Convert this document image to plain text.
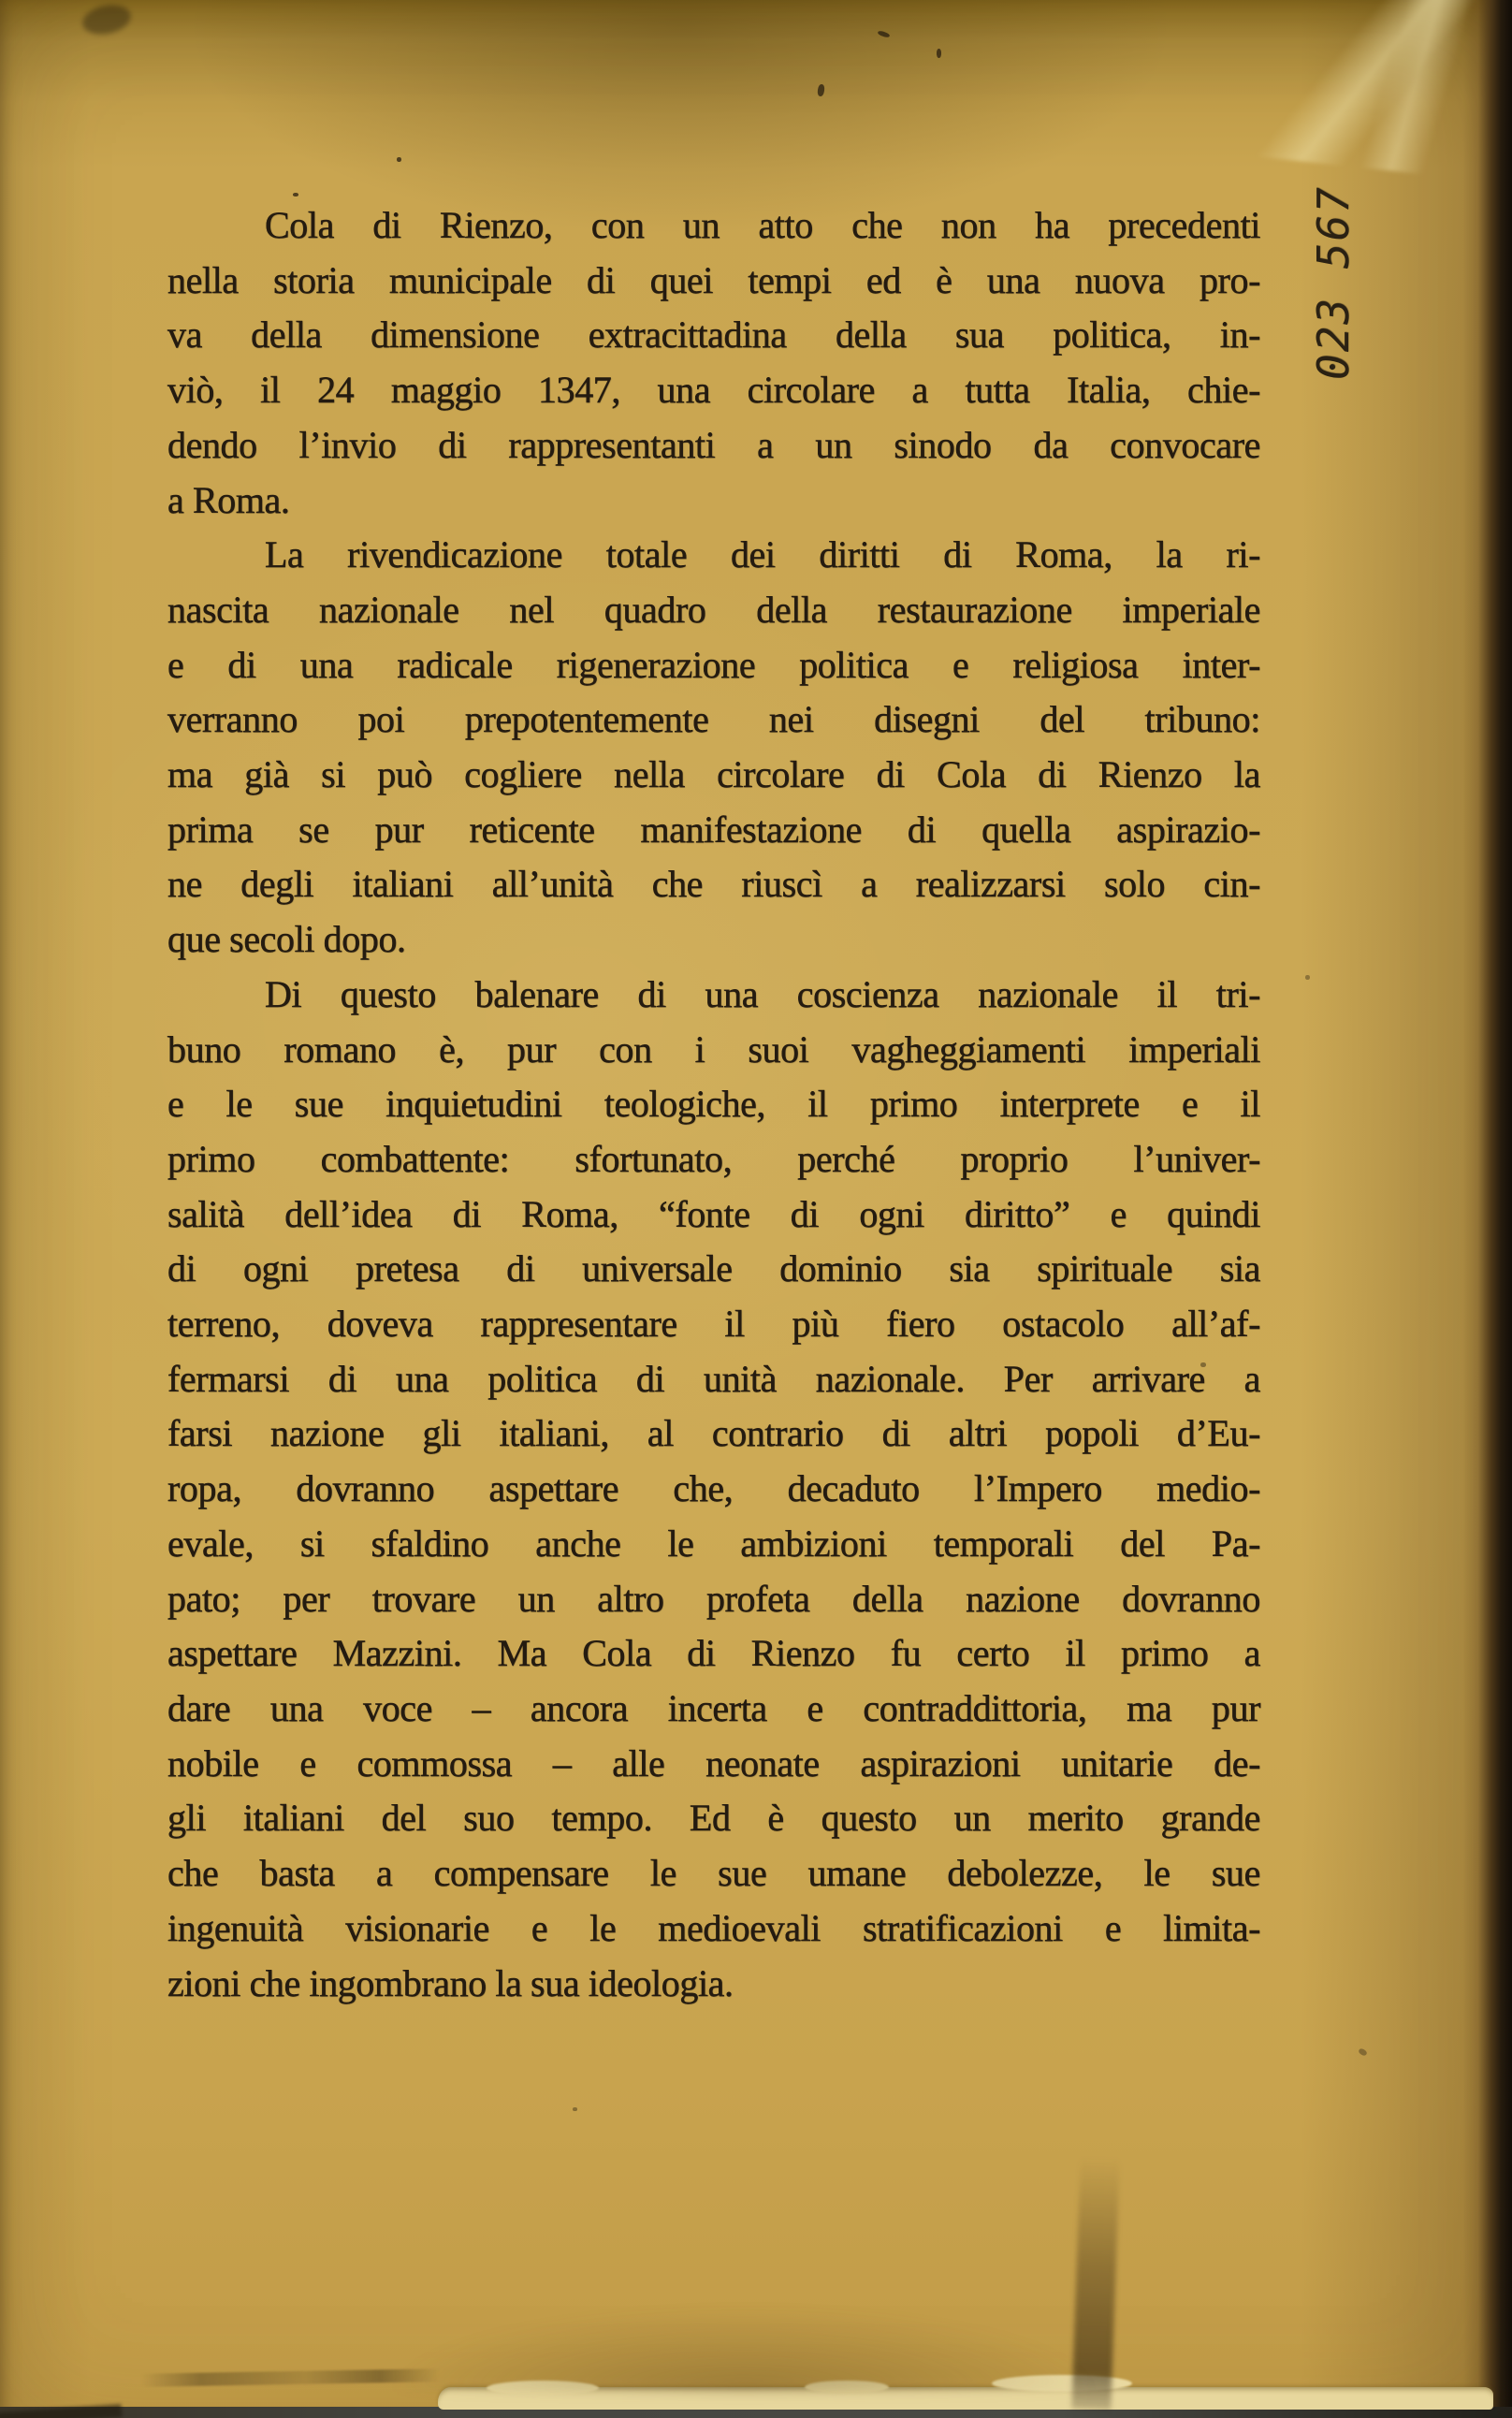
023 567
Cola di Rienzo, con un atto che non ha precedenti
nella storia municipale di quei tempi ed è una nuova pro-
va della dimensione extracittadina della sua politica, in-
viò, il 24 maggio 1347, una circolare a tutta Italia, chie-
dendo l’invio di rappresentanti a un sinodo da convocare
a Roma.
La rivendicazione totale dei diritti di Roma, la ri-
nascita nazionale nel quadro della restaurazione imperiale
e di una radicale rigenerazione politica e religiosa inter-
verranno poi prepotentemente nei disegni del tribuno:
ma già si può cogliere nella circolare di Cola di Rienzo la
prima se pur reticente manifestazione di quella aspirazio-
ne degli italiani all’unità che riuscì a realizzarsi solo cin-
que secoli dopo.
Di questo balenare di una coscienza nazionale il tri-
buno romano è, pur con i suoi vagheggiamenti imperiali
e le sue inquietudini teologiche, il primo interprete e il
primo combattente: sfortunato, perché proprio l’univer-
salità dell’idea di Roma, “fonte di ogni diritto” e quindi
di ogni pretesa di universale dominio sia spirituale sia
terreno, doveva rappresentare il più fiero ostacolo all’af-
fermarsi di una politica di unità nazionale. Per arrivare a
farsi nazione gli italiani, al contrario di altri popoli d’Eu-
ropa, dovranno aspettare che, decaduto l’Impero medio-
evale, si sfaldino anche le ambizioni temporali del Pa-
pato; per trovare un altro profeta della nazione dovranno
aspettare Mazzini. Ma Cola di Rienzo fu certo il primo a
dare una voce – ancora incerta e contraddittoria, ma pur
nobile e commossa – alle neonate aspirazioni unitarie de-
gli italiani del suo tempo. Ed è questo un merito grande
che basta a compensare le sue umane debolezze, le sue
ingenuità visionarie e le medioevali stratificazioni e limita-
zioni che ingombrano la sua ideologia.
